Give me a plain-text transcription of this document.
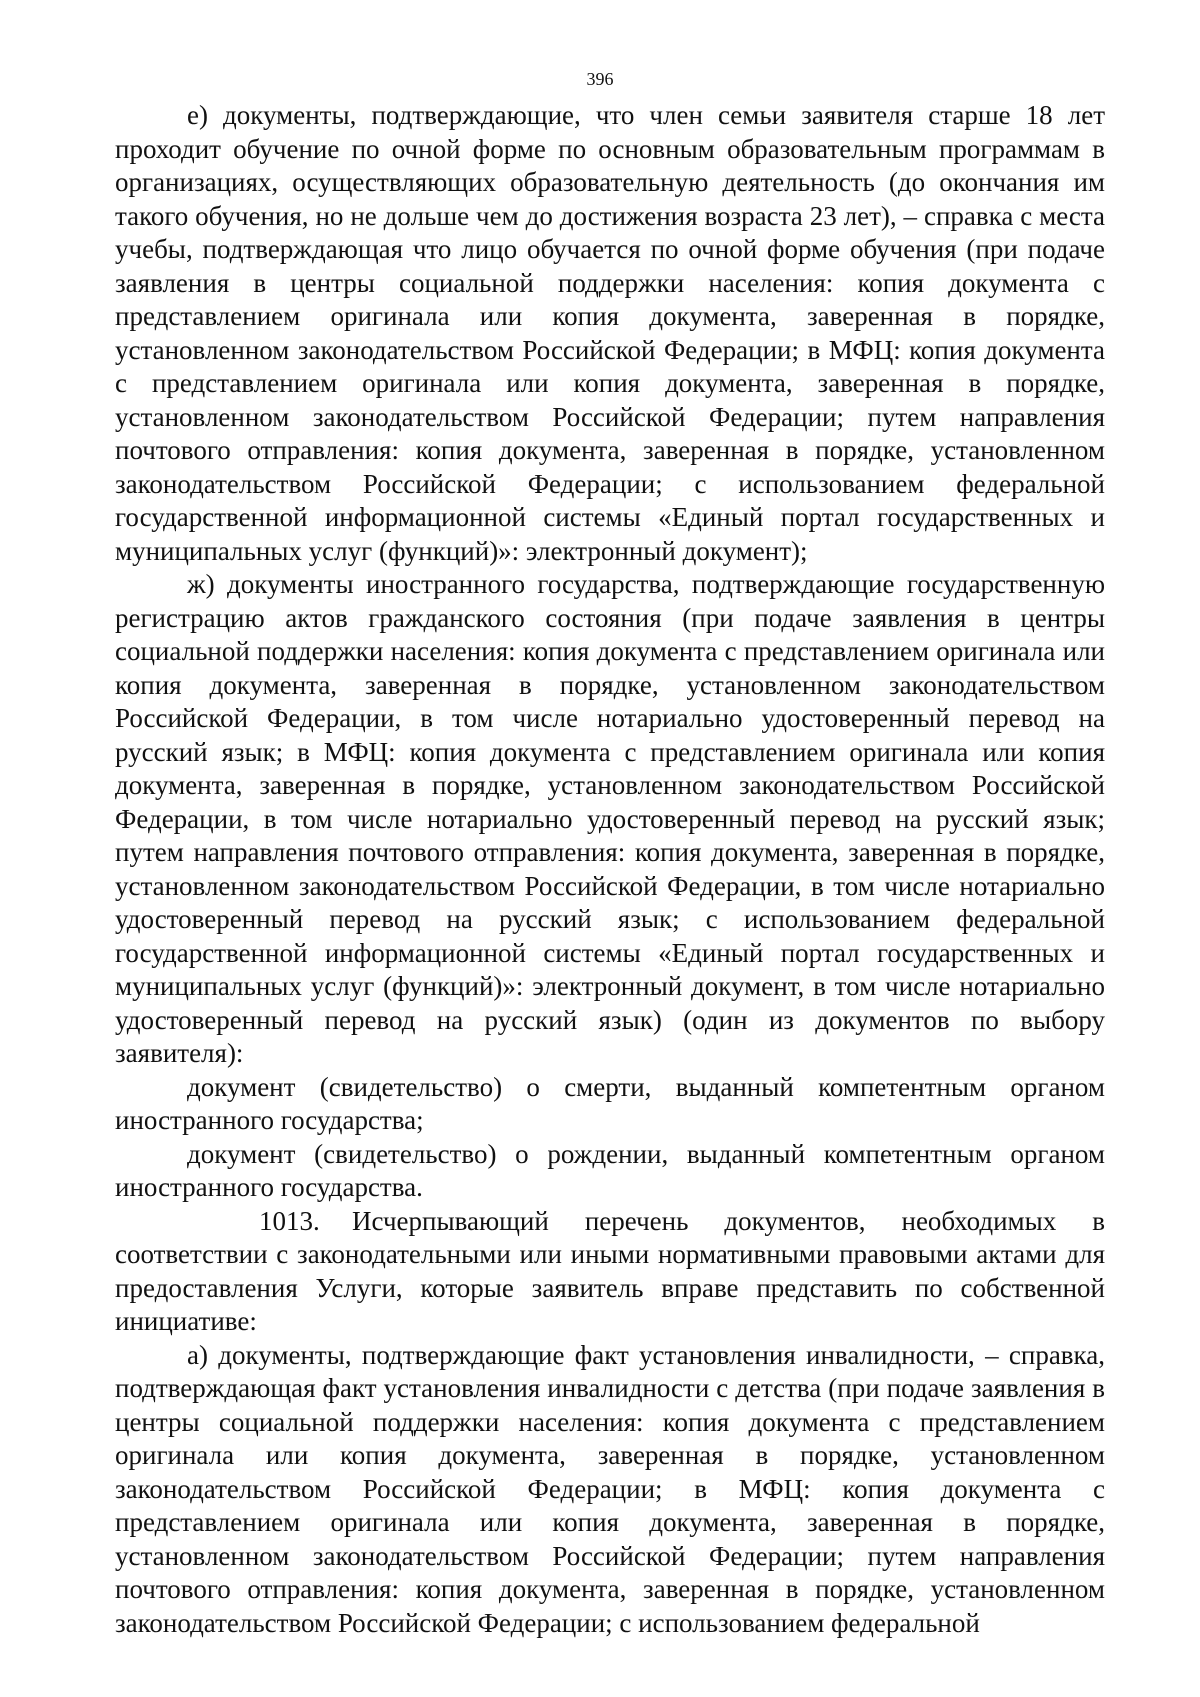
396

е) документы, подтверждающие, что член семьи заявителя старше 18 лет проходит обучение по очной форме по основным образовательным программам в организациях, осуществляющих образовательную деятельность (до окончания им такого обучения, но не дольше чем до достижения возраста 23 лет), – справка с места учебы, подтверждающая что лицо обучается по очной форме обучения (при подаче заявления в центры социальной поддержки населения: копия документа с представлением оригинала или копия документа, заверенная в порядке, установленном законодательством Российской Федерации; в МФЦ: копия документа с представлением оригинала или копия документа, заверенная в порядке, установленном законодательством Российской Федерации; путем направления почтового отправления: копия документа, заверенная в порядке, установленном законодательством Российской Федерации; с использованием федеральной государственной информационной системы «Единый портал государственных и муниципальных услуг (функций)»: электронный документ);

ж) документы иностранного государства, подтверждающие государственную регистрацию актов гражданского состояния (при подаче заявления в центры социальной поддержки населения: копия документа с представлением оригинала или копия документа, заверенная в порядке, установленном законодательством Российской Федерации, в том числе нотариально удостоверенный перевод на русский язык; в МФЦ: копия документа с представлением оригинала или копия документа, заверенная в порядке, установленном законодательством Российской Федерации, в том числе нотариально удостоверенный перевод на русский язык; путем направления почтового отправления: копия документа, заверенная в порядке, установленном законодательством Российской Федерации, в том числе нотариально удостоверенный перевод на русский язык; с использованием федеральной государственной информационной системы «Единый портал государственных и муниципальных услуг (функций)»: электронный документ, в том числе нотариально удостоверенный перевод на русский язык) (один из документов по выбору заявителя):

документ (свидетельство) о смерти, выданный компетентным органом иностранного государства;

документ (свидетельство) о рождении, выданный компетентным органом иностранного государства.

1013. Исчерпывающий перечень документов, необходимых в соответствии с законодательными или иными нормативными правовыми актами для предоставления Услуги, которые заявитель вправе представить по собственной инициативе:

а) документы, подтверждающие факт установления инвалидности, – справка, подтверждающая факт установления инвалидности с детства (при подаче заявления в центры социальной поддержки населения: копия документа с представлением оригинала или копия документа, заверенная в порядке, установленном законодательством Российской Федерации; в МФЦ: копия документа с представлением оригинала или копия документа, заверенная в порядке, установленном законодательством Российской Федерации; путем направления почтового отправления: копия документа, заверенная в порядке, установленном законодательством Российской Федерации; с использованием федеральной
